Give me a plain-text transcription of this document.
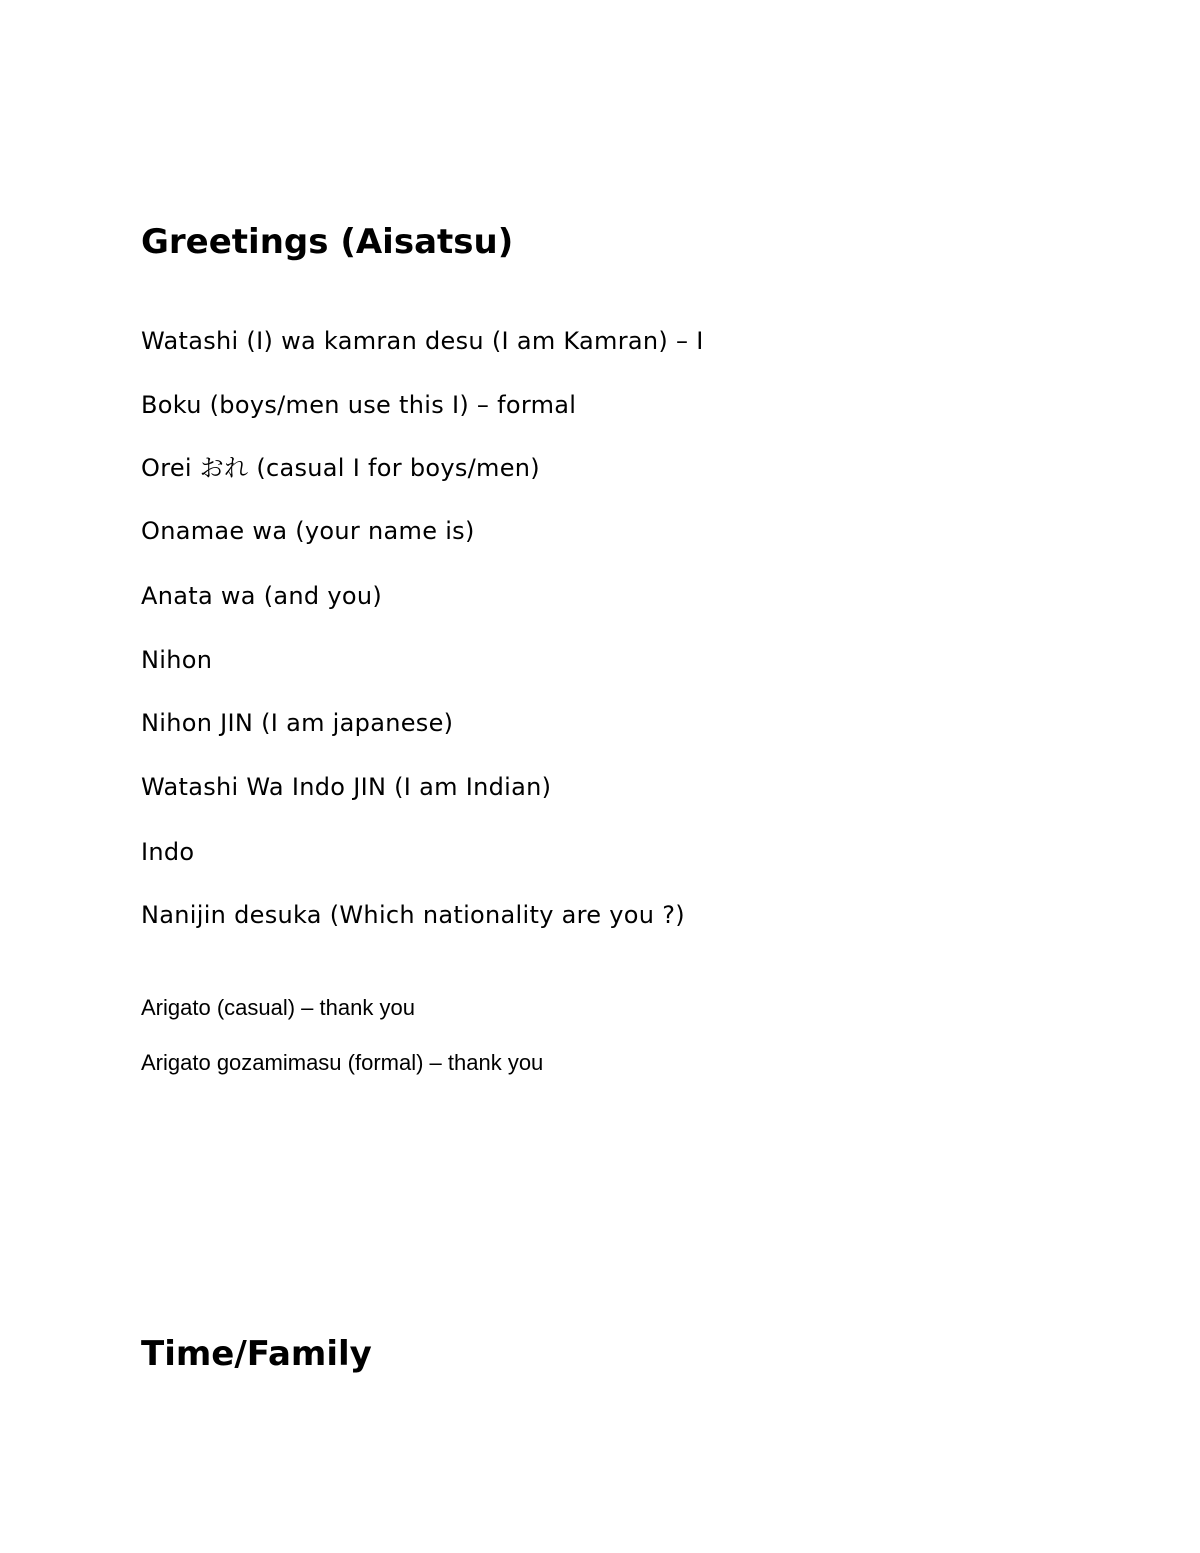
Greetings (Aisatsu)

Watashi (I) wa kamran desu (I am Kamran) – I

Boku (boys/men use this I) – formal

Orei おれ (casual I for boys/men)

Onamae wa (your name is)

Anata wa (and you)

Nihon

Nihon JIN (I am japanese)

Watashi Wa Indo JIN (I am Indian)

Indo

Nanijin desuka (Which nationality are you ?)

Arigato (casual) – thank you

Arigato gozamimasu (formal) – thank you

Time/Family
